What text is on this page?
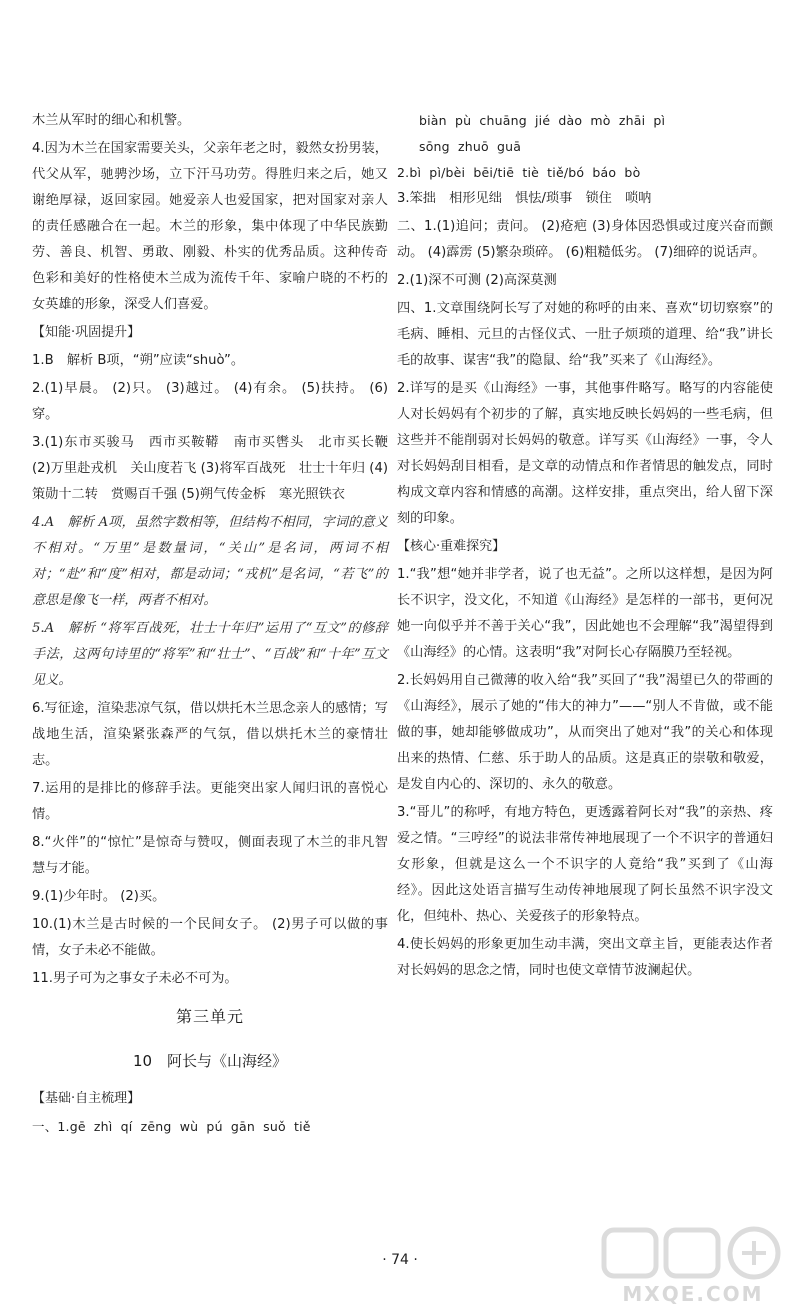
木兰从军时的细心和机警。

4.因为木兰在国家需要关头，父亲年老之时，毅然女扮男装，代父从军，驰骋沙场，立下汗马功劳。得胜归来之后，她又谢绝厚禄，返回家园。她爱亲人也爱国家，把对国家对亲人的责任感融合在一起。木兰的形象，集中体现了中华民族勤劳、善良、机智、勇敢、刚毅、朴实的优秀品质。这种传奇色彩和美好的性格使木兰成为流传千年、家喻户晓的不朽的女英雄的形象，深受人们喜爱。

【知能·巩固提升】

1.B　解析 B项，“朔”应读“shuò”。

2.(1)早晨。 (2)只。 (3)越过。 (4)有余。 (5)扶持。 (6)穿。

3.(1)东市买骏马　西市买鞍鞯　南市买辔头　北市买长鞭 (2)万里赴戎机　关山度若飞 (3)将军百战死　壮士十年归 (4)策勋十二转　赏赐百千强 (5)朔气传金柝　寒光照铁衣

4.A　解析 A项，虽然字数相等，但结构不相同，字词的意义不相对。“万里”是数量词，“关山”是名词，两词不相对；“赴”和“度”相对，都是动词；“戎机”是名词，“若飞”的意思是像飞一样，两者不相对。

5.A　解析 “将军百战死，壮士十年归”运用了“互文”的修辞手法，这两句诗里的“将军”和“壮士”、“百战”和“十年”互文见义。

6.写征途，渲染悲凉气氛，借以烘托木兰思念亲人的感情；写战地生活，渲染紧张森严的气氛，借以烘托木兰的豪情壮志。

7.运用的是排比的修辞手法。更能突出家人闻归讯的喜悦心情。

8.“火伴”的“惊忙”是惊奇与赞叹，侧面表现了木兰的非凡智慧与才能。

9.(1)少年时。 (2)买。

10.(1)木兰是古时候的一个民间女子。 (2)男子可以做的事情，女子未必不能做。

11.男子可为之事女子未必不可为。

第三单元
10　阿长与《山海经》
【基础·自主梳理】

一、1.gē zhì qí zēng wù pú gān suǒ tiě

biàn pù chuāng jié dào mò zhāi pì

sōng zhuō guā

2.bì pì/bèi bēi/tiē tiè tiě/bó báo bò

3.笨拙　相形见绌　惧怯/琐事　锁住　唢呐

二、1.(1)追问；责问。 (2)疮疤 (3)身体因恐惧或过度兴奋而颤动。 (4)霹雳 (5)繁杂琐碎。 (6)粗糙低劣。 (7)细碎的说话声。

2.(1)深不可测 (2)高深莫测

四、1.文章围绕阿长写了对她的称呼的由来、喜欢“切切察察”的毛病、睡相、元旦的古怪仪式、一肚子烦琐的道理、给“我”讲长毛的故事、谋害“我”的隐鼠、给“我”买来了《山海经》。

2.详写的是买《山海经》一事，其他事件略写。略写的内容能使人对长妈妈有个初步的了解，真实地反映长妈妈的一些毛病，但这些并不能削弱对长妈妈的敬意。详写买《山海经》一事，令人对长妈妈刮目相看，是文章的动情点和作者情思的触发点，同时构成文章内容和情感的高潮。这样安排，重点突出，给人留下深刻的印象。

【核心·重难探究】

1.“我”想“她并非学者，说了也无益”。之所以这样想，是因为阿长不识字，没文化，不知道《山海经》是怎样的一部书，更何况她一向似乎并不善于关心“我”，因此她也不会理解“我”渴望得到《山海经》的心情。这表明“我”对阿长心存隔膜乃至轻视。

2.长妈妈用自己微薄的收入给“我”买回了“我”渴望已久的带画的《山海经》，展示了她的“伟大的神力”——“别人不肯做，或不能做的事，她却能够做成功”，从而突出了她对“我”的关心和体现出来的热情、仁慈、乐于助人的品质。这是真正的崇敬和敬爱，是发自内心的、深切的、永久的敬意。

3.“哥儿”的称呼，有地方特色，更透露着阿长对“我”的亲热、疼爱之情。“三哼经”的说法非常传神地展现了一个不识字的普通妇女形象，但就是这么一个不识字的人竟给“我”买到了《山海经》。因此这处语言描写生动传神地展现了阿长虽然不识字没文化，但纯朴、热心、关爱孩子的形象特点。

4.使长妈妈的形象更加生动丰满，突出文章主旨，更能表达作者对长妈妈的思念之情，同时也使文章情节波澜起伏。

· 74 ·
MXQE.COM
